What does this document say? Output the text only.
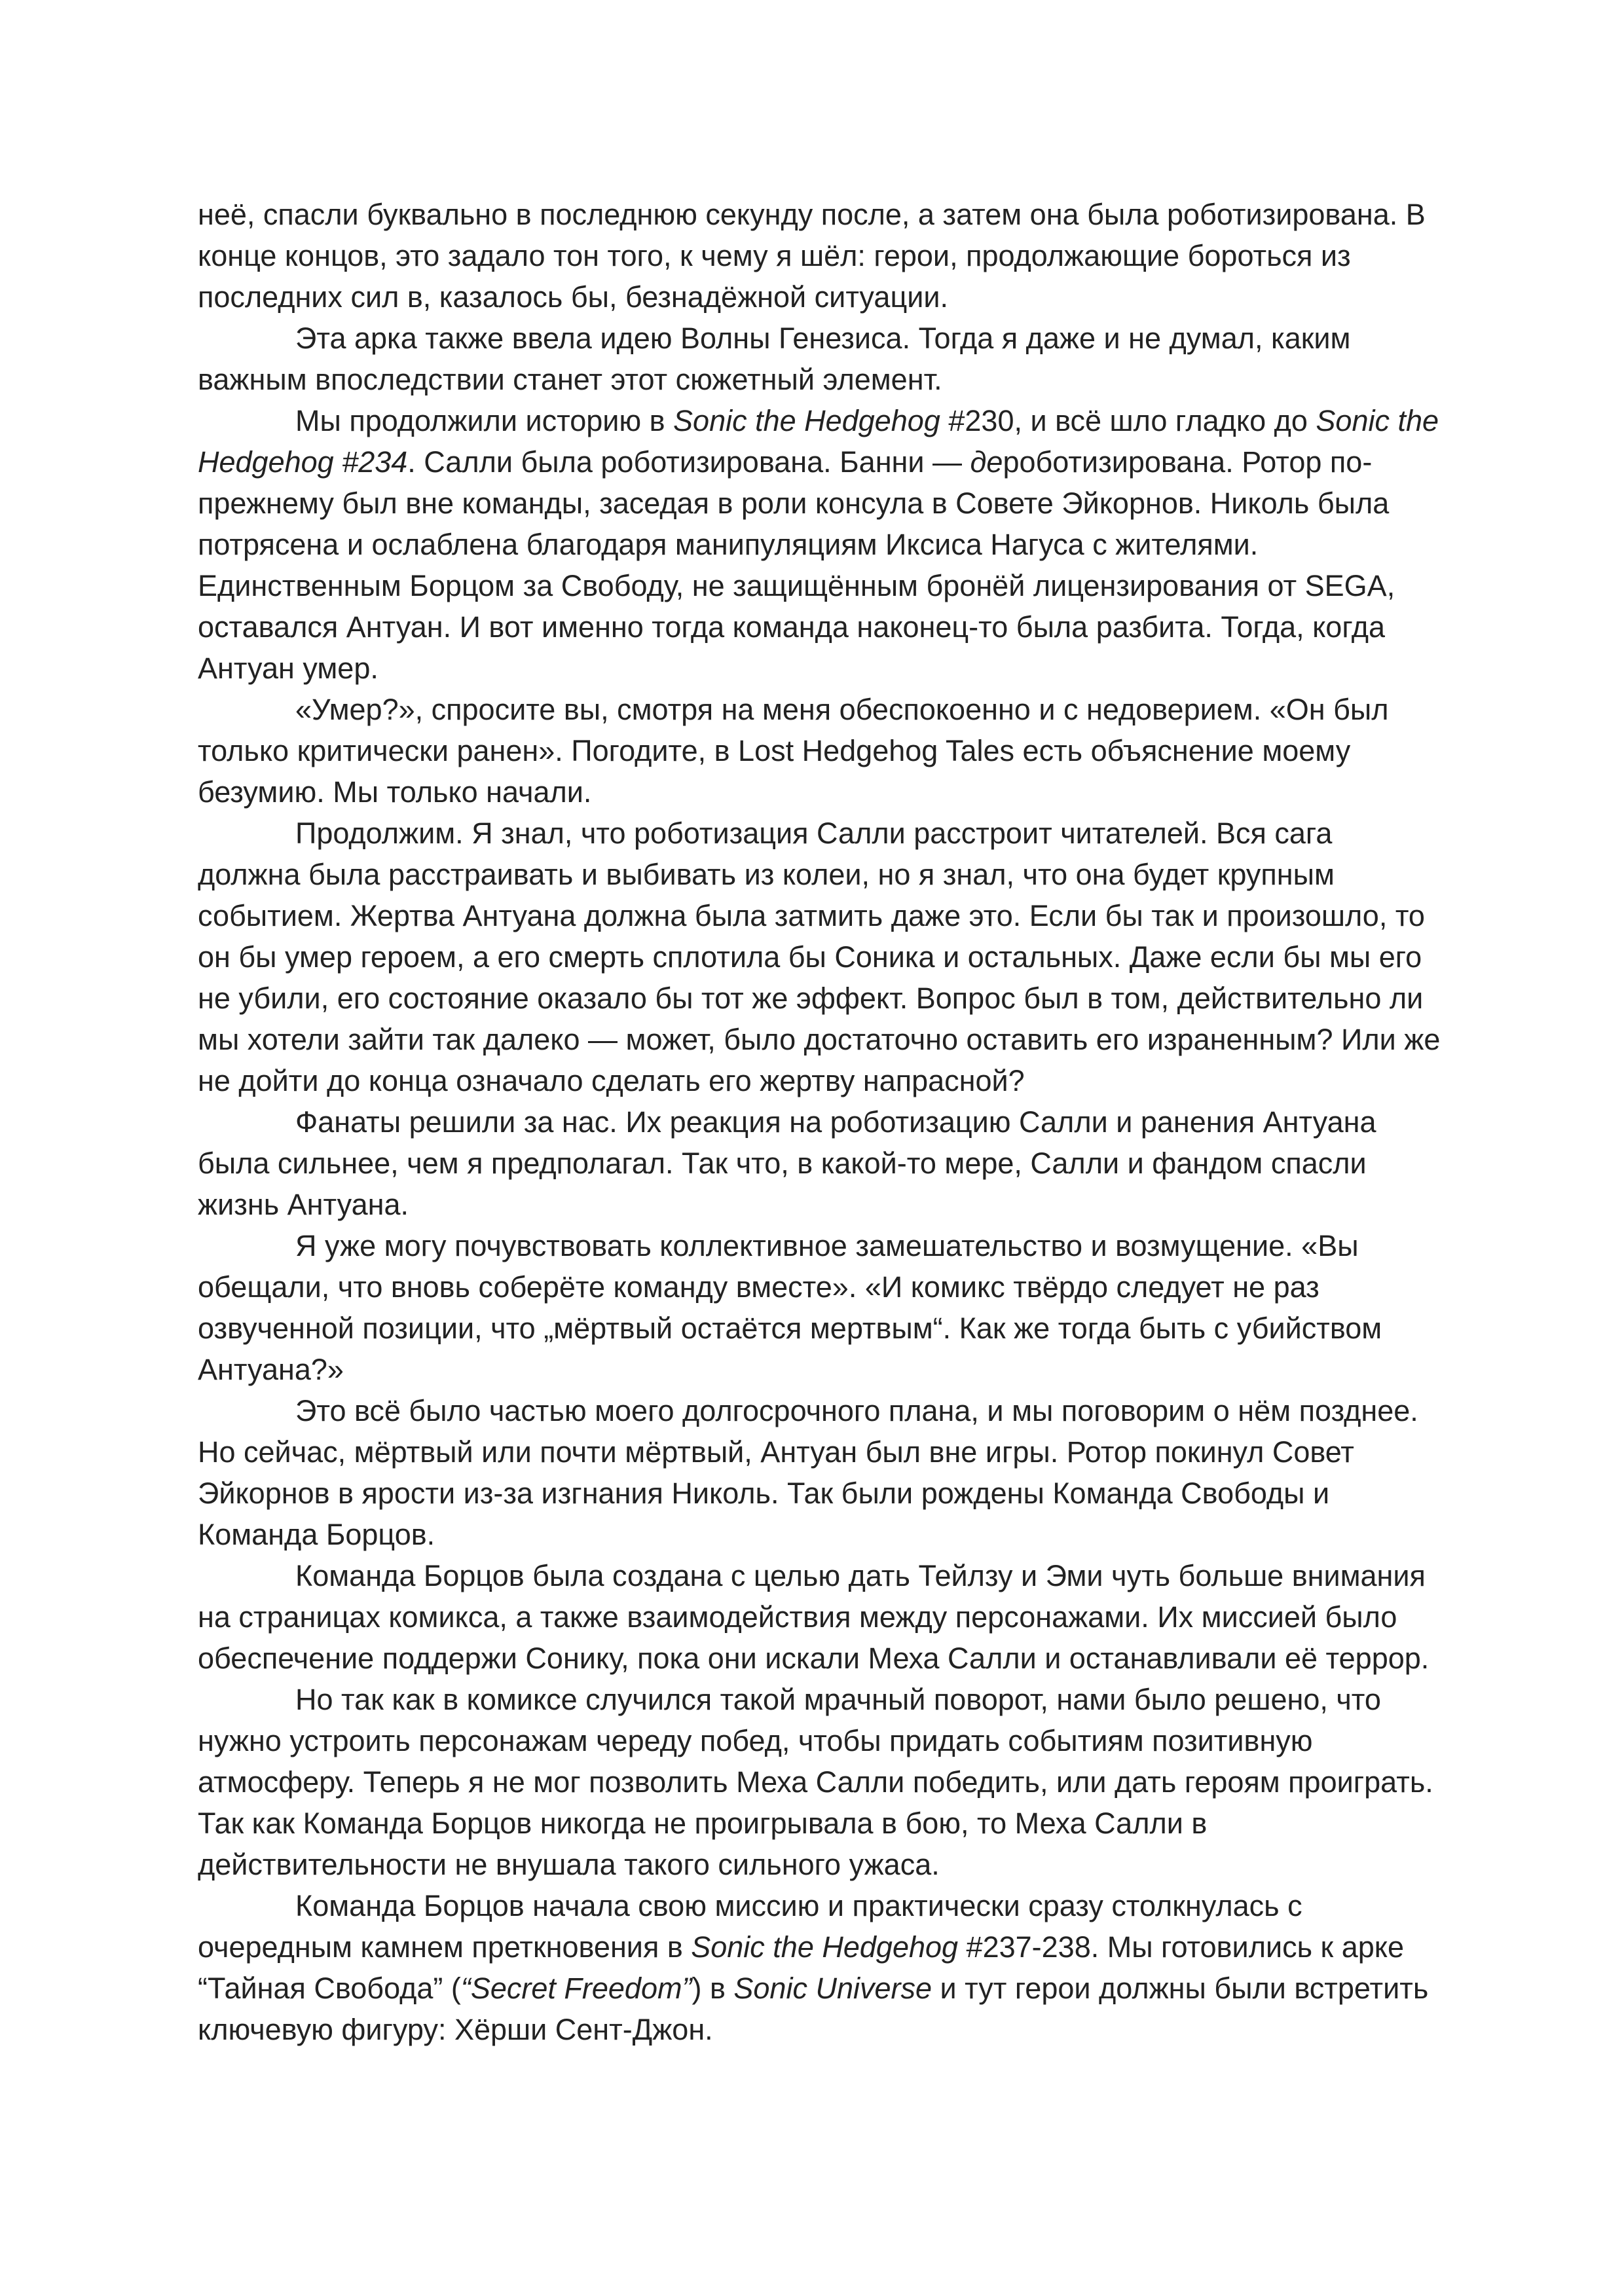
неё, спасли буквально в последнюю секунду после, а затем она была роботизирована. В конце концов, это задало тон того, к чему я шёл: герои, продолжающие бороться из последних сил в, казалось бы, безнадёжной ситуации.

Эта арка также ввела идею Волны Генезиса. Тогда я даже и не думал, каким важным впоследствии станет этот сюжетный элемент.

Мы продолжили историю в Sonic the Hedgehog #230, и всё шло гладко до Sonic the Hedgehog #234. Салли была роботизирована. Банни — дероботизирована. Ротор по-прежнему был вне команды, заседая в роли консула в Совете Эйкорнов. Николь была потрясена и ослаблена благодаря манипуляциям Иксиса Нагуса с жителями. Единственным Борцом за Свободу, не защищённым бронёй лицензирования от SEGA, оставался Антуан. И вот именно тогда команда наконец-то была разбита. Тогда, когда Антуан умер.

«Умер?», спросите вы, смотря на меня обеспокоенно и с недоверием. «Он был только критически ранен». Погодите, в Lost Hedgehog Tales есть объяснение моему безумию. Мы только начали.

Продолжим. Я знал, что роботизация Салли расстроит читателей. Вся сага должна была расстраивать и выбивать из колеи, но я знал, что она будет крупным событием. Жертва Антуана должна была затмить даже это. Если бы так и произошло, то он бы умер героем, а его смерть сплотила бы Соника и остальных. Даже если бы мы его не убили, его состояние оказало бы тот же эффект. Вопрос был в том, действительно ли мы хотели зайти так далеко — может, было достаточно оставить его израненным? Или же не дойти до конца означало сделать его жертву напрасной?

Фанаты решили за нас. Их реакция на роботизацию Салли и ранения Антуана была сильнее, чем я предполагал. Так что, в какой-то мере, Салли и фандом спасли жизнь Антуана.

Я уже могу почувствовать коллективное замешательство и возмущение. «Вы обещали, что вновь соберёте команду вместе». «И комикс твёрдо следует не раз озвученной позиции, что „мёртвый остаётся мертвым“. Как же тогда быть с убийством Антуана?»

Это всё было частью моего долгосрочного плана, и мы поговорим о нём позднее. Но сейчас, мёртвый или почти мёртвый, Антуан был вне игры. Ротор покинул Совет Эйкорнов в ярости из-за изгнания Николь. Так были рождены Команда Свободы и Команда Борцов.

Команда Борцов была создана с целью дать Тейлзу и Эми чуть больше внимания на страницах комикса, а также взаимодействия между персонажами. Их миссией было обеспечение поддержи Сонику, пока они искали Меха Салли и останавливали её террор.

Но так как в комиксе случился такой мрачный поворот, нами было решено, что нужно устроить персонажам череду побед, чтобы придать событиям позитивную атмосферу. Теперь я не мог позволить Меха Салли победить, или дать героям проиграть. Так как Команда Борцов никогда не проигрывала в бою, то Меха Салли в действительности не внушала такого сильного ужаса.

Команда Борцов начала свою миссию и практически сразу столкнулась с очередным камнем преткновения в Sonic the Hedgehog #237-238. Мы готовились к арке “Тайная Свобода” (“Secret Freedom”) в Sonic Universe и тут герои должны были встретить ключевую фигуру: Хёрши Сент-Джон.
